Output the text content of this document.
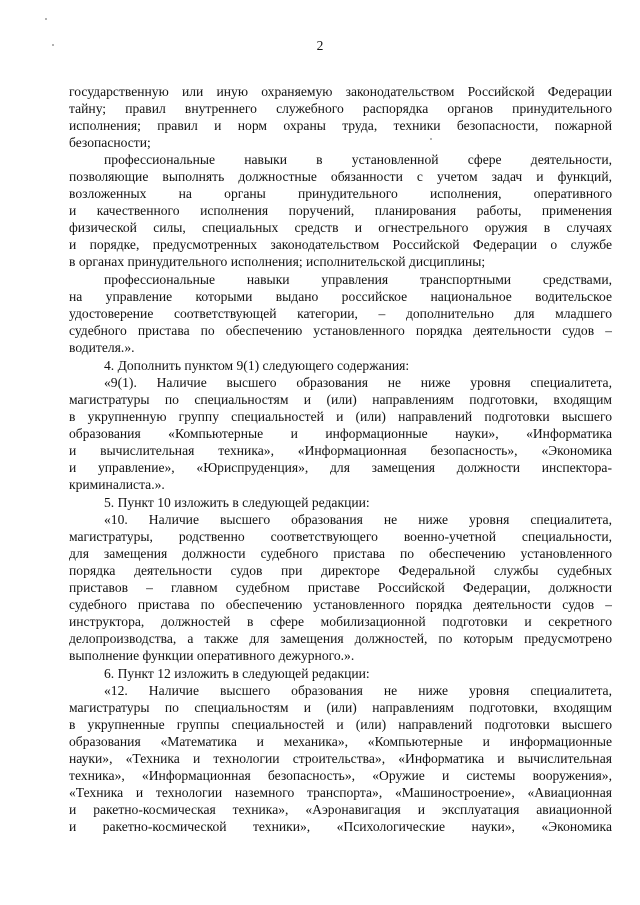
2
государственную или иную охраняемую законодательством Российской Федерации
тайну; правил внутреннего служебного распорядка органов принудительного
исполнения; правил и норм охраны труда, техники безопасности, пожарной
безопасности;
профессиональные навыки в установленной сфере деятельности,
позволяющие выполнять должностные обязанности с учетом задач и функций,
возложенных на органы принудительного исполнения, оперативного
и качественного исполнения поручений, планирования работы, применения
физической силы, специальных средств и огнестрельного оружия в случаях
и порядке, предусмотренных законодательством Российской Федерации о службе
в органах принудительного исполнения; исполнительской дисциплины;
профессиональные навыки управления транспортными средствами,
на управление которыми выдано российское национальное водительское
удостоверение соответствующей категории, – дополнительно для младшего
судебного пристава по обеспечению установленного порядка деятельности судов –
водителя.».
4. Дополнить пунктом 9(1) следующего содержания:
«9(1). Наличие высшего образования не ниже уровня специалитета,
магистратуры по специальностям и (или) направлениям подготовки, входящим
в укрупненную группу специальностей и (или) направлений подготовки высшего
образования «Компьютерные и информационные науки», «Информатика
и вычислительная техника», «Информационная безопасность», «Экономика
и управление», «Юриспруденция», для замещения должности инспектора-
криминалиста.».
5. Пункт 10 изложить в следующей редакции:
«10. Наличие высшего образования не ниже уровня специалитета,
магистратуры, родственно соответствующего военно-учетной специальности,
для замещения должности судебного пристава по обеспечению установленного
порядка деятельности судов при директоре Федеральной службы судебных
приставов – главном судебном приставе Российской Федерации, должности
судебного пристава по обеспечению установленного порядка деятельности судов –
инструктора, должностей в сфере мобилизационной подготовки и секретного
делопроизводства, а также для замещения должностей, по которым предусмотрено
выполнение функции оперативного дежурного.».
6. Пункт 12 изложить в следующей редакции:
«12. Наличие высшего образования не ниже уровня специалитета,
магистратуры по специальностям и (или) направлениям подготовки, входящим
в укрупненные группы специальностей и (или) направлений подготовки высшего
образования «Математика и механика», «Компьютерные и информационные
науки», «Техника и технологии строительства», «Информатика и вычислительная
техника», «Информационная безопасность», «Оружие и системы вооружения»,
«Техника и технологии наземного транспорта», «Машиностроение», «Авиационная
и ракетно-космическая техника», «Аэронавигация и эксплуатация авиационной
и ракетно-космической техники», «Психологические науки», «Экономика
